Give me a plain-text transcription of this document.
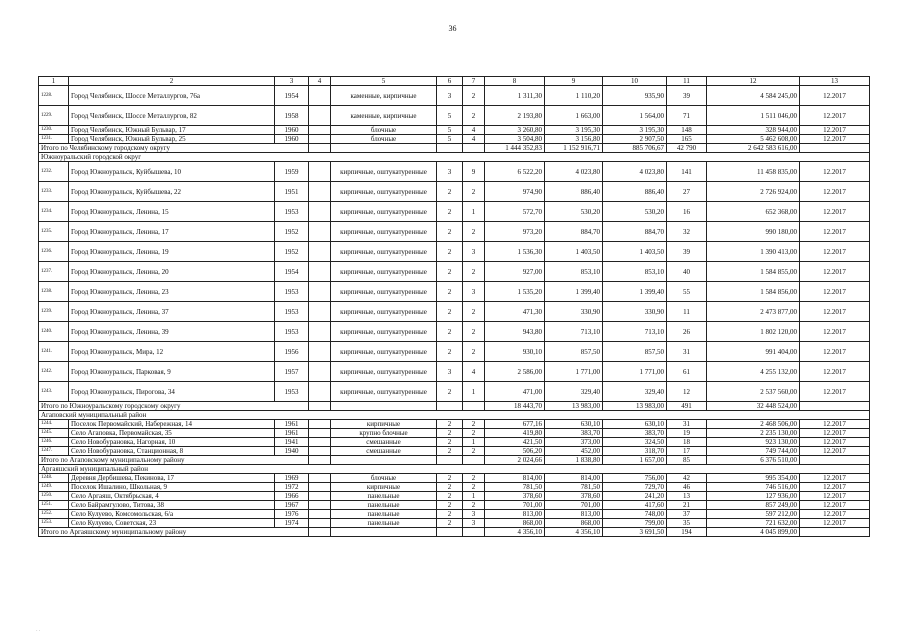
36
1	2	3	4	5	6	7	8	9	10	11	12	13
1228.	Город Челябинск, Шоссе Металлургов, 76а	1954		каменные, кирпичные	3	2	1 311,30	1 110,20	935,90	39	4 584 245,00	12.2017
1229.	Город Челябинск, Шоссе Металлургов, 82	1958		каменные, кирпичные	5	2	2 193,80	1 663,00	1 564,00	71	1 511 046,00	12.2017
1230.	Город Челябинск, Южный Бульвар, 17	1960		блочные	5	4	3 260,80	3 195,30	3 195,30	148	328 944,00	12.2017
1231.	Город Челябинск, Южный Бульвар, 25	1960		блочные	5	4	3 504,80	3 156,80	2 907,50	165	5 462 608,00	12.2017
Итого по Челябинскому городскому округу							1 444 352,83	1 152 916,71	885 706,67	42 790	2 642 583 616,00	
Южноуральский городской округ												
1232.	Город Южноуральск, Куйбышева, 10	1959		кирпичные, оштукатуренные	3	9	6 522,20	4 023,80	4 023,80	141	11 458 835,00	12.2017
1233.	Город Южноуральск, Куйбышева, 22	1951		кирпичные, оштукатуренные	2	2	974,90	886,40	886,40	27	2 726 924,00	12.2017
1234.	Город Южноуральск, Ленина, 15	1953		кирпичные, оштукатуренные	2	1	572,70	530,20	530,20	16	652 368,00	12.2017
1235.	Город Южноуральск, Ленина, 17	1952		кирпичные, оштукатуренные	2	2	973,20	884,70	884,70	32	990 180,00	12.2017
1236.	Город Южноуральск, Ленина, 19	1952		кирпичные, оштукатуренные	2	3	1 536,30	1 403,50	1 403,50	39	1 390 413,00	12.2017
1237.	Город Южноуральск, Ленина, 20	1954		кирпичные, оштукатуренные	2	2	927,00	853,10	853,10	40	1 584 855,00	12.2017
1238.	Город Южноуральск, Ленина, 23	1953		кирпичные, оштукатуренные	2	3	1 535,20	1 399,40	1 399,40	55	1 584 856,00	12.2017
1239.	Город Южноуральск, Ленина, 37	1953		кирпичные, оштукатуренные	2	2	471,30	330,90	330,90	11	2 473 877,00	12.2017
1240.	Город Южноуральск, Ленина, 39	1953		кирпичные, оштукатуренные	2	2	943,80	713,10	713,10	26	1 802 120,00	12.2017
1241.	Город Южноуральск, Мира, 12	1956		кирпичные, оштукатуренные	2	2	930,10	857,50	857,50	31	991 404,00	12.2017
1242.	Город Южноуральск, Парковая, 9	1957		кирпичные, оштукатуренные	3	4	2 586,00	1 771,00	1 771,00	61	4 255 132,00	12.2017
1243.	Город Южноуральск, Пирогова, 34	1953		кирпичные, оштукатуренные	2	1	471,00	329,40	329,40	12	2 537 560,00	12.2017
Итого по Южноуральскому городскому округу							18 443,70	13 983,00	13 983,00	491	32 448 524,00	
Агаповский муниципальный район												
1244.	Поселок Первомайский, Набережная, 14	1961		кирпичные	2	2	677,16	630,10	630,10	31	2 468 506,00	12.2017
1245.	Село Агаповка, Первомайская, 35	1961		крупно блочные	2	2	419,80	383,70	383,70	19	2 235 130,00	12.2017
1246.	Село Новобурановка, Нагорная, 10	1941		смешанные	2	1	421,50	373,00	324,50	18	923 130,00	12.2017
1247.	Село Новобурановка, Станционная, 8	1940		смешанные	2	2	506,20	452,00	318,70	17	749 744,00	12.2017
Итого по Агаповскому муниципальному району							2 024,66	1 838,80	1 657,00	85	6 376 510,00	
Аргаяшский муниципальный район												
1248.	Деревня Дербишева, Пекинова, 17	1969		блочные	2	2	814,00	814,00	756,00	42	995 354,00	12.2017
1249.	Поселок Ишалино, Школьная, 9	1972		кирпичные	2	2	781,50	781,50	729,70	46	746 516,00	12.2017
1250.	Село Аргаяш, Октябрьская, 4	1966		панельные	2	1	378,60	378,60	241,20	13	127 936,00	12.2017
1251.	Село Байрамгулово, Титова, 38	1967		панельные	2	2	701,00	701,00	417,60	21	857 249,00	12.2017
1252.	Село Кулуево, Комсомольская, 6/а	1976		панельные	2	3	813,00	813,00	748,00	37	597 212,00	12.2017
1253.	Село Кулуево, Советская, 23	1974		панельные	2	3	868,00	868,00	799,00	35	721 632,00	12.2017
Итого по Аргаяшскому муниципальному району							4 356,10	4 356,10	3 691,50	194	4 045 899,00	
· ·
